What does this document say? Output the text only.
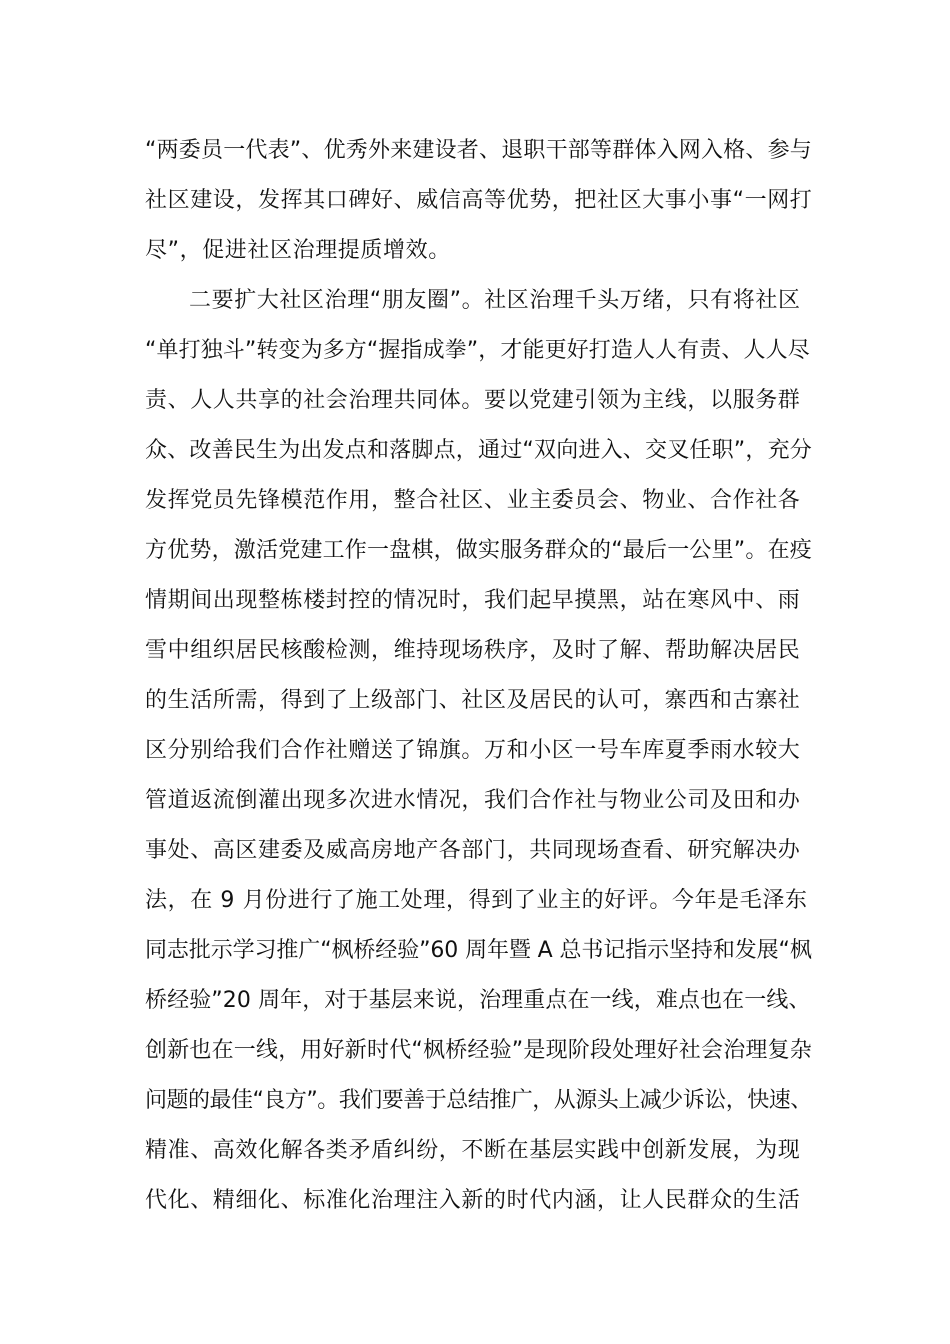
“两委员一代表”、优秀外来建设者、退职干部等群体入网入格、参与
社区建设，发挥其口碑好、威信高等优势，把社区大事小事“一网打
尽”，促进社区治理提质增效。
二要扩大社区治理“朋友圈”。社区治理千头万绪，只有将社区
“单打独斗”转变为多方“握指成拳”，才能更好打造人人有责、人人尽
责、人人共享的社会治理共同体。要以党建引领为主线，以服务群
众、改善民生为出发点和落脚点，通过“双向进入、交叉任职”，充分
发挥党员先锋模范作用，整合社区、业主委员会、物业、合作社各
方优势，激活党建工作一盘棋，做实服务群众的“最后一公里”。在疫
情期间出现整栋楼封控的情况时，我们起早摸黑，站在寒风中、雨
雪中组织居民核酸检测，维持现场秩序，及时了解、帮助解决居民
的生活所需，得到了上级部门、社区及居民的认可，寨西和古寨社
区分别给我们合作社赠送了锦旗。万和小区一号车库夏季雨水较大
管道返流倒灌出现多次进水情况，我们合作社与物业公司及田和办
事处、高区建委及威高房地产各部门，共同现场查看、研究解决办
法，在 9 月份进行了施工处理，得到了业主的好评。今年是毛泽东
同志批示学习推广“枫桥经验”60 周年暨 A 总书记指示坚持和发展“枫
桥经验”20 周年，对于基层来说，治理重点在一线，难点也在一线、
创新也在一线，用好新时代“枫桥经验”是现阶段处理好社会治理复杂
问题的最佳“良方”。我们要善于总结推广，从源头上减少诉讼，快速、
精准、高效化解各类矛盾纠纷，不断在基层实践中创新发展，为现
代化、精细化、标准化治理注入新的时代内涵，让人民群众的生活
